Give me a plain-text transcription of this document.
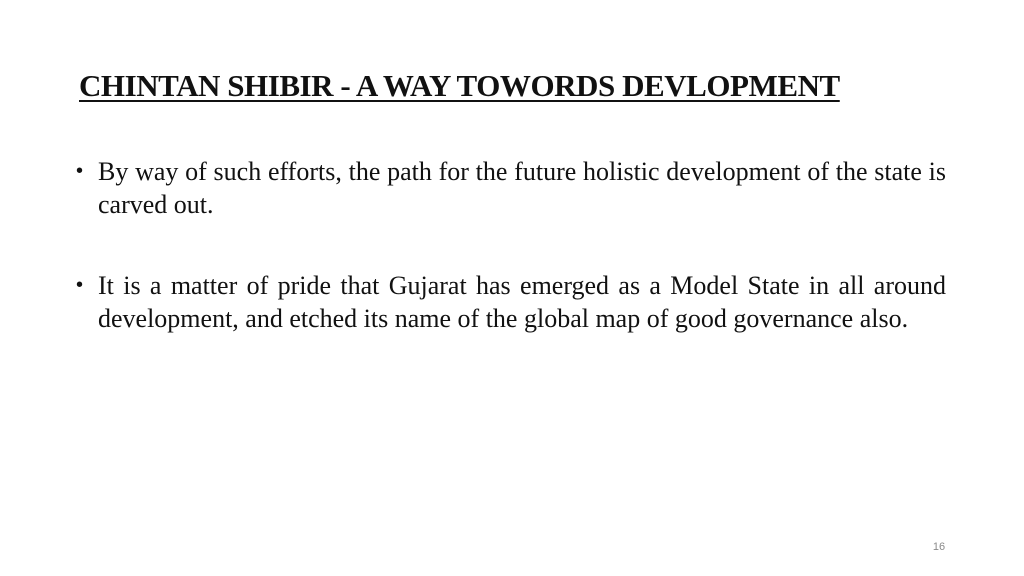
CHINTAN SHIBIR - A WAY TOWORDS DEVLOPMENT
• By way of such efforts, the path for the future holistic development of the state is carved out.
• It is a matter of pride that Gujarat has emerged as a Model State in all around development, and etched its name of the global map of good governance also.
16
